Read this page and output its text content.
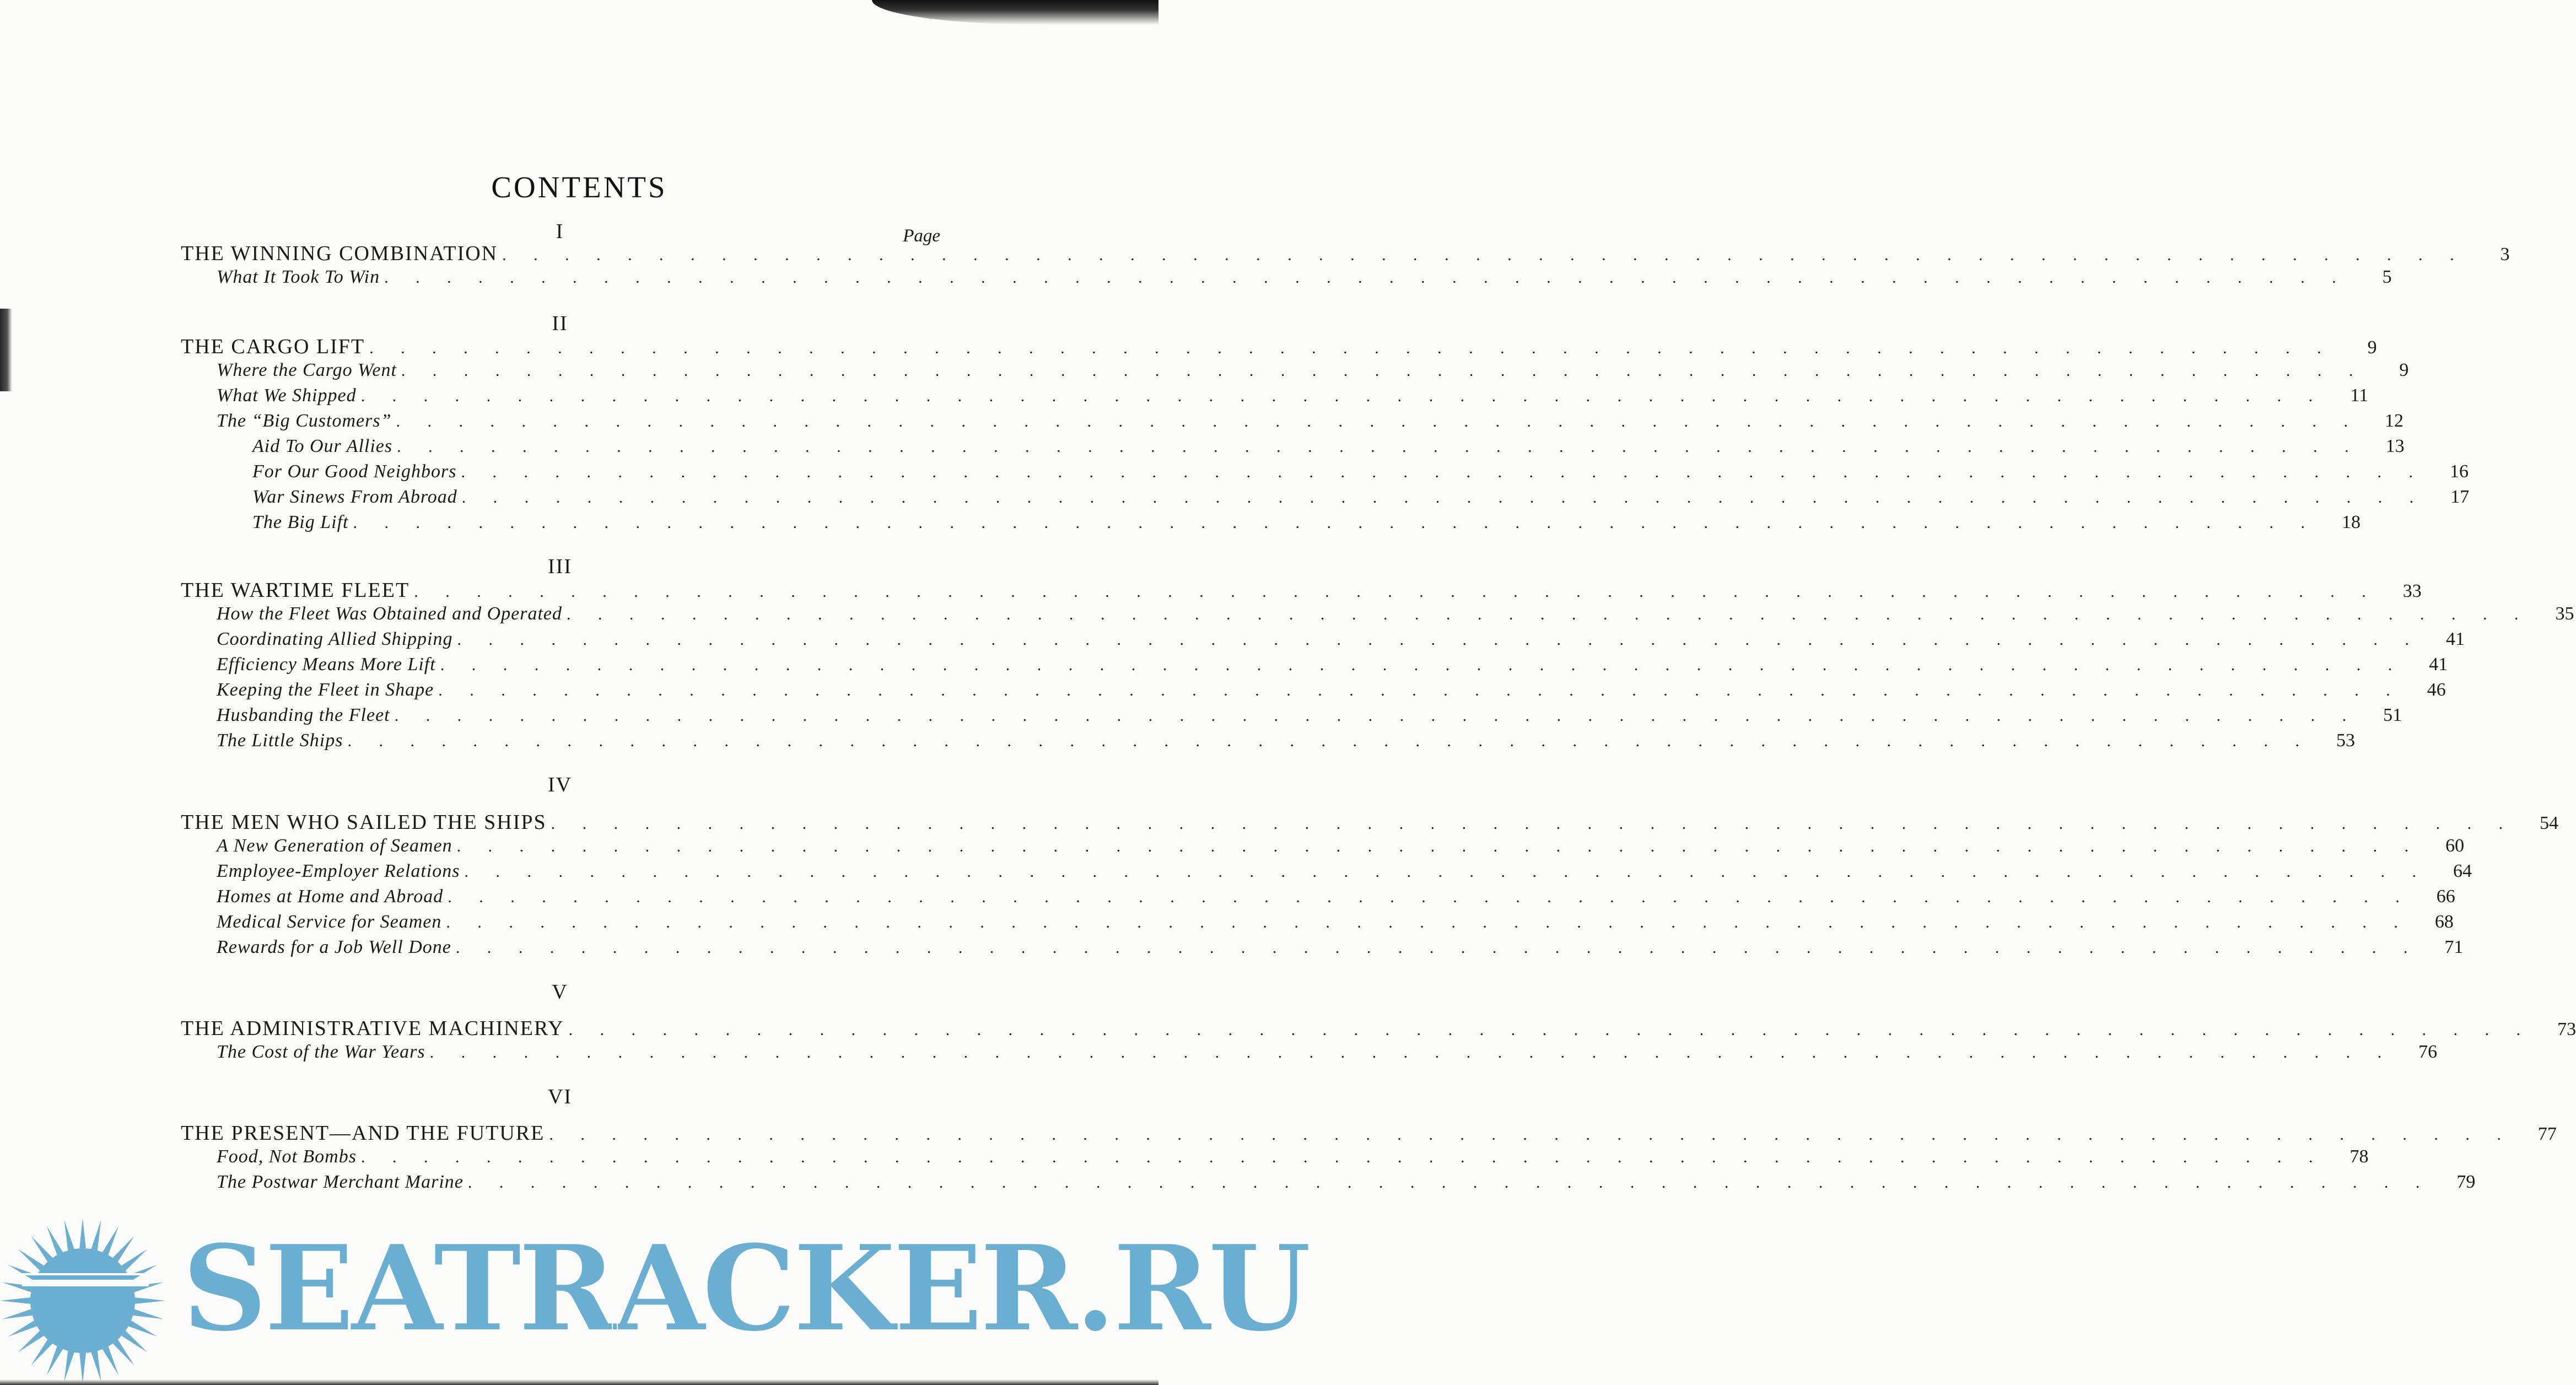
CONTENTS
Page
I
THE WINNING COMBINATION . . .	3
What It Took To Win . . .	5
II
THE CARGO LIFT . . .	9
Where the Cargo Went . . .	9
What We Shipped . . .	11
The “Big Customers” . . .	12
Aid To Our Allies . . .	13
For Our Good Neighbors . . .	16
War Sinews From Abroad . . .	17
The Big Lift . . .	18
III
THE WARTIME FLEET . . .	33
How the Fleet Was Obtained and Operated . . .	35
Coordinating Allied Shipping . . .	41
Efficiency Means More Lift . . .	41
Keeping the Fleet in Shape . . .	46
Husbanding the Fleet . . .	51
The Little Ships . . .	53
IV
THE MEN WHO SAILED THE SHIPS . . .	54
A New Generation of Seamen . . .	60
Employee-Employer Relations . . .	64
Homes at Home and Abroad . . .	66
Medical Service for Seamen . . .	68
Rewards for a Job Well Done . . .	71
V
THE ADMINISTRATIVE MACHINERY . . .	73
The Cost of the War Years . . .	76
VI
THE PRESENT—AND THE FUTURE . . .	77
Food, Not Bombs . . .	78
The Postwar Merchant Marine . . .	79
SEATRACKER.RU
